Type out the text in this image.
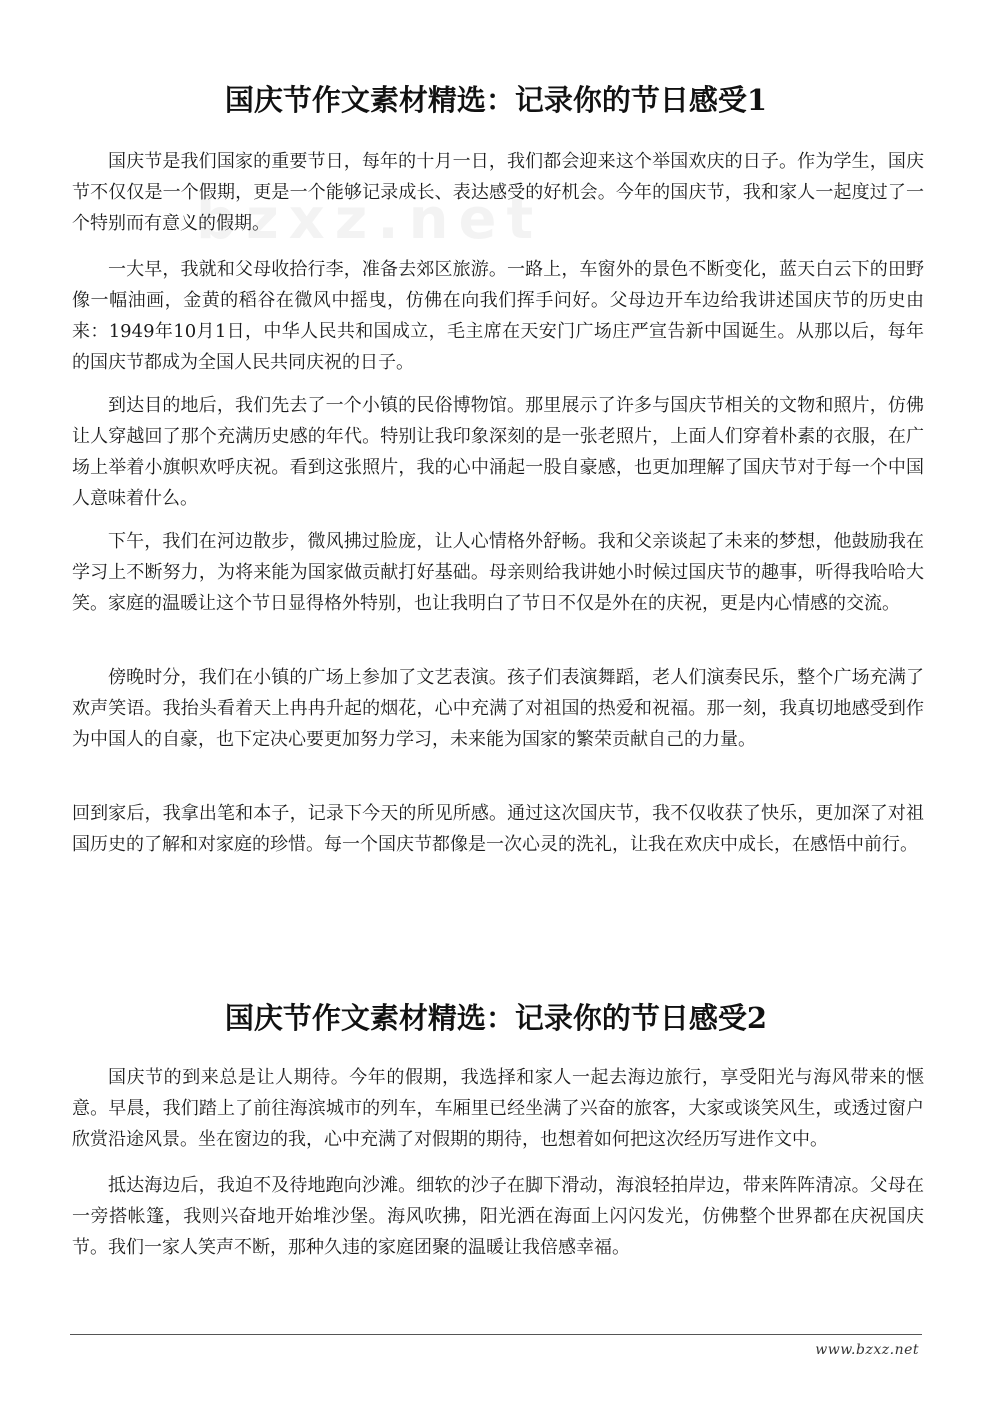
国庆节作文素材精选：记录你的节日感受1

国庆节是我们国家的重要节日，每年的十月一日，我们都会迎来这个举国欢庆的日子。作为学生，国庆节不仅仅是一个假期，更是一个能够记录成长、表达感受的好机会。今年的国庆节，我和家人一起度过了一个特别而有意义的假期。

一大早，我就和父母收拾行李，准备去郊区旅游。一路上，车窗外的景色不断变化，蓝天白云下的田野像一幅油画，金黄的稻谷在微风中摇曳，仿佛在向我们挥手问好。父母边开车边给我讲述国庆节的历史由来：1949年10月1日，中华人民共和国成立，毛主席在天安门广场庄严宣告新中国诞生。从那以后，每年的国庆节都成为全国人民共同庆祝的日子。

到达目的地后，我们先去了一个小镇的民俗博物馆。那里展示了许多与国庆节相关的文物和照片，仿佛让人穿越回了那个充满历史感的年代。特别让我印象深刻的是一张老照片，上面人们穿着朴素的衣服，在广场上举着小旗帜欢呼庆祝。看到这张照片，我的心中涌起一股自豪感，也更加理解了国庆节对于每一个中国人意味着什么。

下午，我们在河边散步，微风拂过脸庞，让人心情格外舒畅。我和父亲谈起了未来的梦想，他鼓励我在学习上不断努力，为将来能为国家做贡献打好基础。母亲则给我讲她小时候过国庆节的趣事，听得我哈哈大笑。家庭的温暖让这个节日显得格外特别，也让我明白了节日不仅是外在的庆祝，更是内心情感的交流。

傍晚时分，我们在小镇的广场上参加了文艺表演。孩子们表演舞蹈，老人们演奏民乐，整个广场充满了欢声笑语。我抬头看着天上冉冉升起的烟花，心中充满了对祖国的热爱和祝福。那一刻，我真切地感受到作为中国人的自豪，也下定决心要更加努力学习，未来能为国家的繁荣贡献自己的力量。

回到家后，我拿出笔和本子，记录下今天的所见所感。通过这次国庆节，我不仅收获了快乐，更加深了对祖国历史的了解和对家庭的珍惜。每一个国庆节都像是一次心灵的洗礼，让我在欢庆中成长，在感悟中前行。

国庆节作文素材精选：记录你的节日感受2

国庆节的到来总是让人期待。今年的假期，我选择和家人一起去海边旅行，享受阳光与海风带来的惬意。早晨，我们踏上了前往海滨城市的列车，车厢里已经坐满了兴奋的旅客，大家或谈笑风生，或透过窗户欣赏沿途风景。坐在窗边的我，心中充满了对假期的期待，也想着如何把这次经历写进作文中。

抵达海边后，我迫不及待地跑向沙滩。细软的沙子在脚下滑动，海浪轻拍岸边，带来阵阵清凉。父母在一旁搭帐篷，我则兴奋地开始堆沙堡。海风吹拂，阳光洒在海面上闪闪发光，仿佛整个世界都在庆祝国庆节。我们一家人笑声不断，那种久违的家庭团聚的温暖让我倍感幸福。

www.bzxz.net
